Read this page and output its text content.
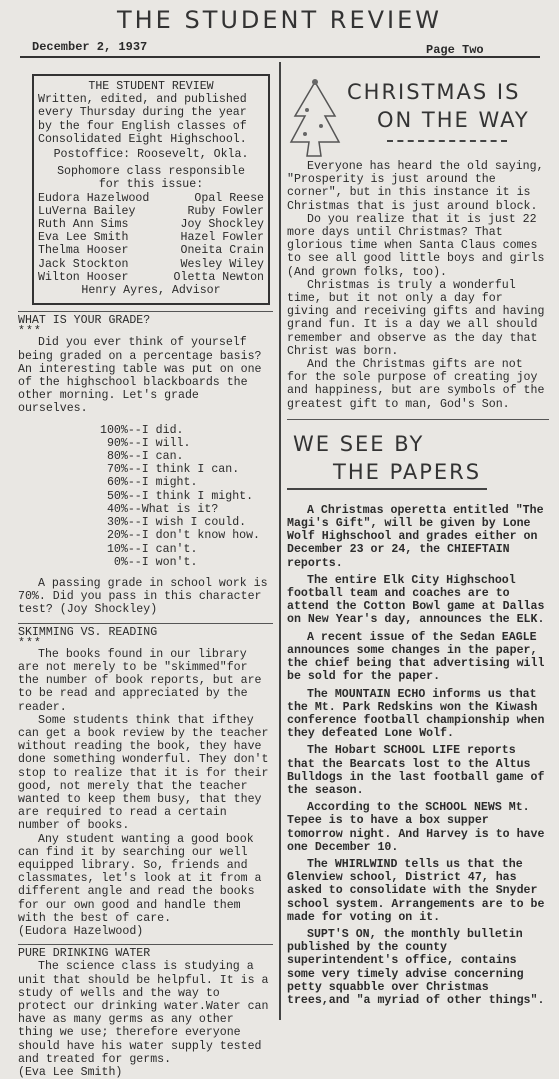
THE STUDENT REVIEW
December 2, 1937	Page Two
THE STUDENT REVIEW
Written, edited, and published
every Thursday during the year
by the four English classes of
Consolidated Eight Highschool.
Postoffice: Roosevelt, Okla.
Sophomore class responsible
for this issue:
Eudora Hazelwood	Opal Reese
LuVerna Bailey	Ruby Fowler
Ruth Ann Sims	Joy Shockley
Eva Lee Smith	Hazel Fowler
Thelma Hooser	Oneita Crain
Jack Stockton	Wesley Wiley
Wilton Hooser	Oletta Newton
Henry Ayres, Advisor
WHAT IS YOUR GRADE?
***

Did you ever think of yourself being graded on a percentage basis? An interesting table was put on one of the highschool blackboards the other morning. Let's grade ourselves.

100%--I did.
90%--I will.
80%--I can.
70%--I think I can.
60%--I might.
50%--I think I might.
40%--What is it?
30%--I wish I could.
20%--I don't know how.
10%--I can't.
0%--I won't.

A passing grade in school work is 70%. Did you pass in this character test? (Joy Shockley)

SKIMMING VS. READING
***

The books found in our library are not merely to be "skimmed"for the number of book reports, but are to be read and appreciated by the reader.

Some students think that ifthey can get a book review by the teacher without reading the book, they have done something wonderful. They don't stop to realize that it is for their good, not merely that the teacher wanted to keep them busy, that they are required to read a certain number of books.

Any student wanting a good book can find it by searching our well equipped library. So, friends and classmates, let's look at it from a different angle and read the books for our own good and handle them with the best of care.

(Eudora Hazelwood)

PURE DRINKING WATER

The science class is studying a unit that should be helpful. It is a study of wells and the way to protect our drinking water.Water can have as many germs as any other thing we use; therefore everyone should have his water supply tested and treated for germs.

(Eva Lee Smith)

CHRISTMAS IS
ON THE WAY

Everyone has heard the old saying, "Prosperity is just around the corner", but in this instance it is Christmas that is just around block.

Do you realize that it is just 22 more days until Christmas? That glorious time when Santa Claus comes to see all good little boys and girls (And grown folks, too).

Christmas is truly a wonderful time, but it not only a day for giving and receiving gifts and having grand fun. It is a day we all should remember and observe as the day that Christ was born.

And the Christmas gifts are not for the sole purpose of creating joy and happiness, but are symbols of the greatest gift to man, God's Son.

WE SEE BY
THE PAPERS

A Christmas operetta entitled "The Magi's Gift", will be given by Lone Wolf Highschool and grades either on December 23 or 24, the CHIEFTAIN reports.

The entire Elk City Highschool football team and coaches are to attend the Cotton Bowl game at Dallas on New Year's day, announces the ELK.

A recent issue of the Sedan EAGLE announces some changes in the paper, the chief being that advertising will be sold for the paper.

The MOUNTAIN ECHO informs us that the Mt. Park Redskins won the Kiwash conference football championship when they defeated Lone Wolf.

The Hobart SCHOOL LIFE reports that the Bearcats lost to the Altus Bulldogs in the last football game of the season.

According to the SCHOOL NEWS Mt. Tepee is to have a box supper tomorrow night. And Harvey is to have one December 10.

The WHIRLWIND tells us that the Glenview school, District 47, has asked to consolidate with the Snyder school system. Arrangements are to be made for voting on it.

SUPT'S ON, the monthly bulletin published by the county superintendent's office, contains some very timely advise concerning petty squabble over Christmas trees,and "a myriad of other things".
